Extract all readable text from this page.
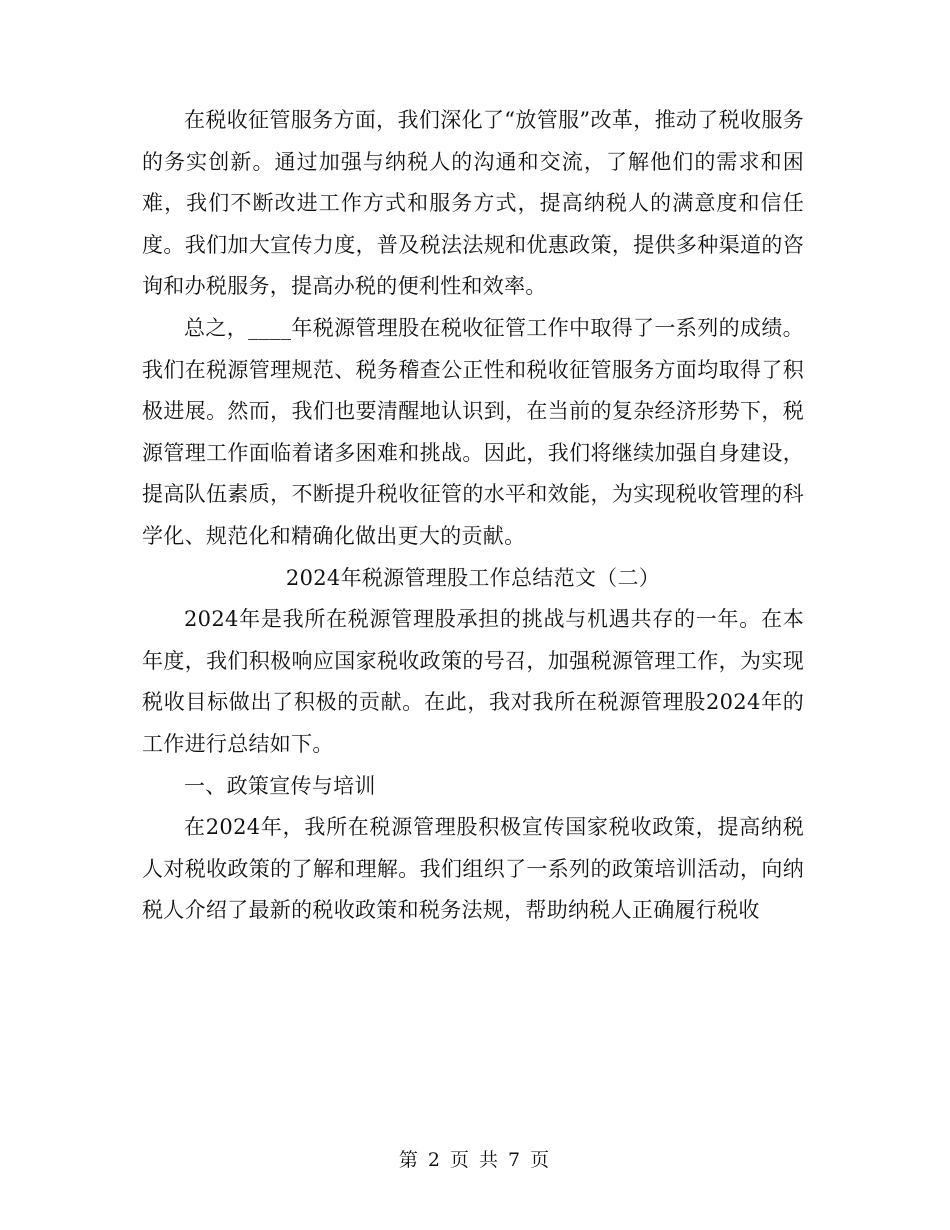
在税收征管服务方面，我们深化了“放管服”改革，推动了税收服务的务实创新。通过加强与纳税人的沟通和交流，了解他们的需求和困难，我们不断改进工作方式和服务方式，提高纳税人的满意度和信任度。我们加大宣传力度，普及税法法规和优惠政策，提供多种渠道的咨询和办税服务，提高办税的便利性和效率。

总之，____年税源管理股在税收征管工作中取得了一系列的成绩。我们在税源管理规范、税务稽查公正性和税收征管服务方面均取得了积极进展。然而，我们也要清醒地认识到，在当前的复杂经济形势下，税源管理工作面临着诸多困难和挑战。因此，我们将继续加强自身建设，提高队伍素质，不断提升税收征管的水平和效能，为实现税收管理的科学化、规范化和精确化做出更大的贡献。

2024年税源管理股工作总结范文（二）

2024年是我所在税源管理股承担的挑战与机遇共存的一年。在本年度，我们积极响应国家税收政策的号召，加强税源管理工作，为实现税收目标做出了积极的贡献。在此，我对我所在税源管理股2024年的工作进行总结如下。

一、政策宣传与培训

在2024年，我所在税源管理股积极宣传国家税收政策，提高纳税人对税收政策的了解和理解。我们组织了一系列的政策培训活动，向纳税人介绍了最新的税收政策和税务法规，帮助纳税人正确履行税收

第 2 页 共 7 页
